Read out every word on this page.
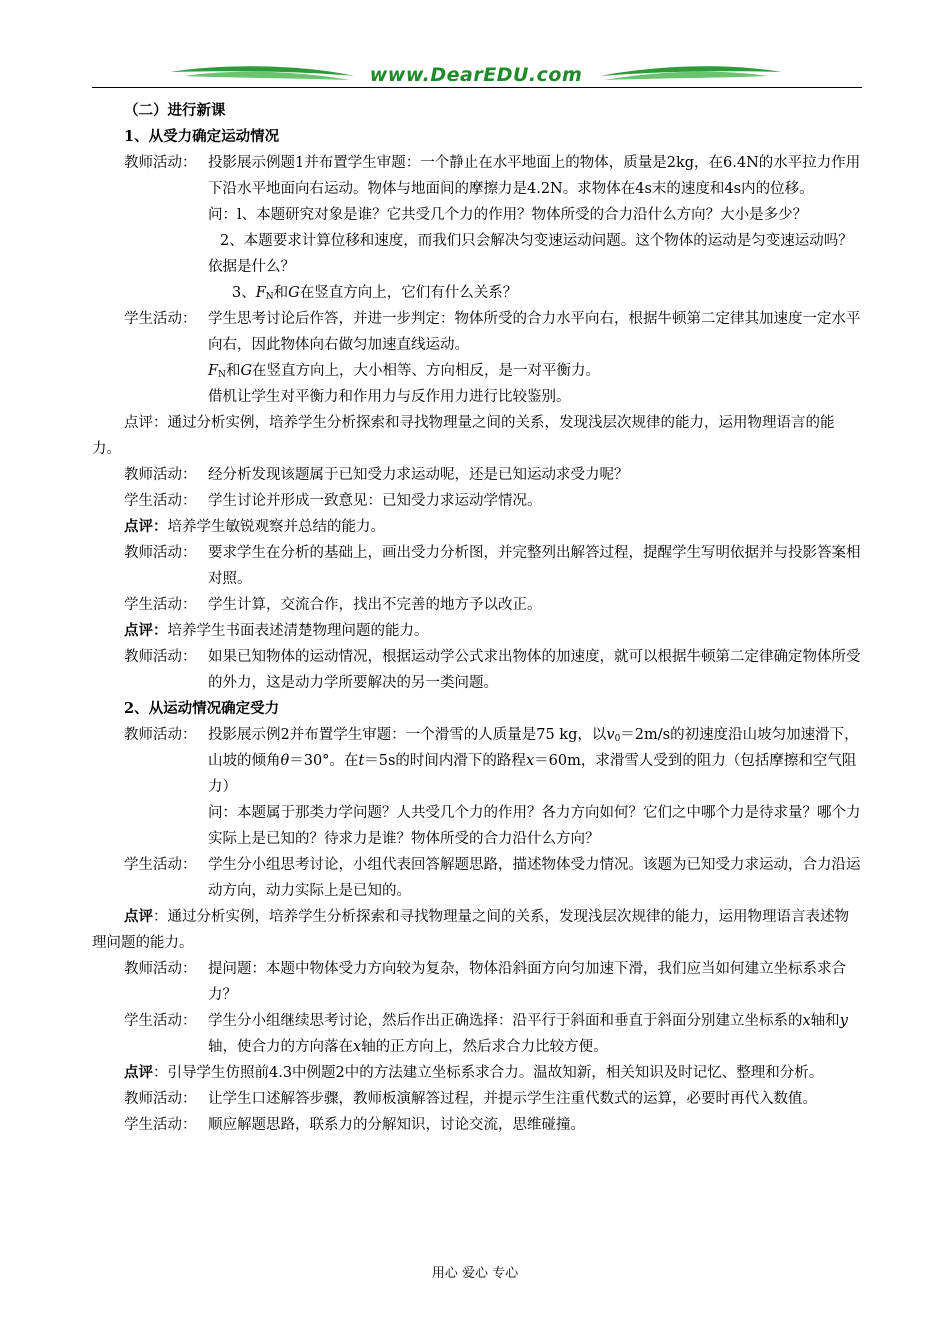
www.DearEDU.com

（二）进行新课

1、从受力确定运动情况

教师活动： 投影展示例题1并布置学生审题：一个静止在水平地面上的物体，质量是2kg，在6.4N的水平拉力作用下沿水平地面向右运动。物体与地面间的摩擦力是4.2N。求物体在4s末的速度和4s内的位移。
问：l、本题研究对象是谁？它共受几个力的作用？物体所受的合力沿什么方向？大小是多少？
2、本题要求计算位移和速度，而我们只会解决匀变速运动问题。这个物体的运动是匀变速运动吗？依据是什么？
3、$F_N$和G在竖直方向上，它们有什么关系？
学生活动： 学生思考讨论后作答，并进一步判定：物体所受的合力水平向右，根据牛顿第二定律其加速度一定水平向右，因此物体向右做匀加速直线运动。
$F_N$和G在竖直方向上，大小相等、方向相反，是一对平衡力。
借机让学生对平衡力和作用力与反作用力进行比较鉴别。
点评：通过分析实例，培养学生分析探索和寻找物理量之间的关系，发现浅层次规律的能力，运用物理语言的能力。
教师活动： 经分析发现该题属于已知受力求运动呢，还是已知运动求受力呢？
学生活动： 学生讨论并形成一致意见：已知受力求运动学情况。
点评：培养学生敏锐观察并总结的能力。
教师活动： 要求学生在分析的基础上，画出受力分析图，并完整列出解答过程，提醒学生写明依据并与投影答案相对照。
学生活动： 学生计算，交流合作，找出不完善的地方予以改正。
点评：培养学生书面表述清楚物理问题的能力。
教师活动： 如果已知物体的运动情况，根据运动学公式求出物体的加速度，就可以根据牛顿第二定律确定物体所受的外力，这是动力学所要解决的另一类问题。

2、从运动情况确定受力

教师活动： 投影展示例2并布置学生审题：一个滑雪的人质量是75 kg，以$v_0=2m/s$的初速度沿山坡匀加速滑下，山坡的倾角θ＝30°。在t＝5s的时间内滑下的路程x＝60m，求滑雪人受到的阻力（包括摩擦和空气阻力）
问：本题属于那类力学问题？人共受几个力的作用？各力方向如何？它们之中哪个力是待求量？哪个力实际上是已知的？待求力是谁？物体所受的合力沿什么方向？
学生活动： 学生分小组思考讨论，小组代表回答解题思路，描述物体受力情况。该题为已知受力求运动，合力沿运动方向，动力实际上是已知的。
点评：通过分析实例，培养学生分析探索和寻找物理量之间的关系，发现浅层次规律的能力，运用物理语言表述物理问题的能力。
教师活动： 提问题：本题中物体受力方向较为复杂，物体沿斜面方向匀加速下滑，我们应当如何建立坐标系求合力？
学生活动： 学生分小组继续思考讨论，然后作出正确选择：沿平行于斜面和垂直于斜面分别建立坐标系的x轴和y轴，使合力的方向落在x轴的正方向上，然后求合力比较方便。
点评：引导学生仿照前4.3中例题2中的方法建立坐标系求合力。温故知新，相关知识及时记忆、整理和分析。
教师活动： 让学生口述解答步骤，教师板演解答过程，并提示学生注重代数式的运算，必要时再代入数值。
学生活动： 顺应解题思路，联系力的分解知识，讨论交流，思维碰撞。
用心 爱心 专心
